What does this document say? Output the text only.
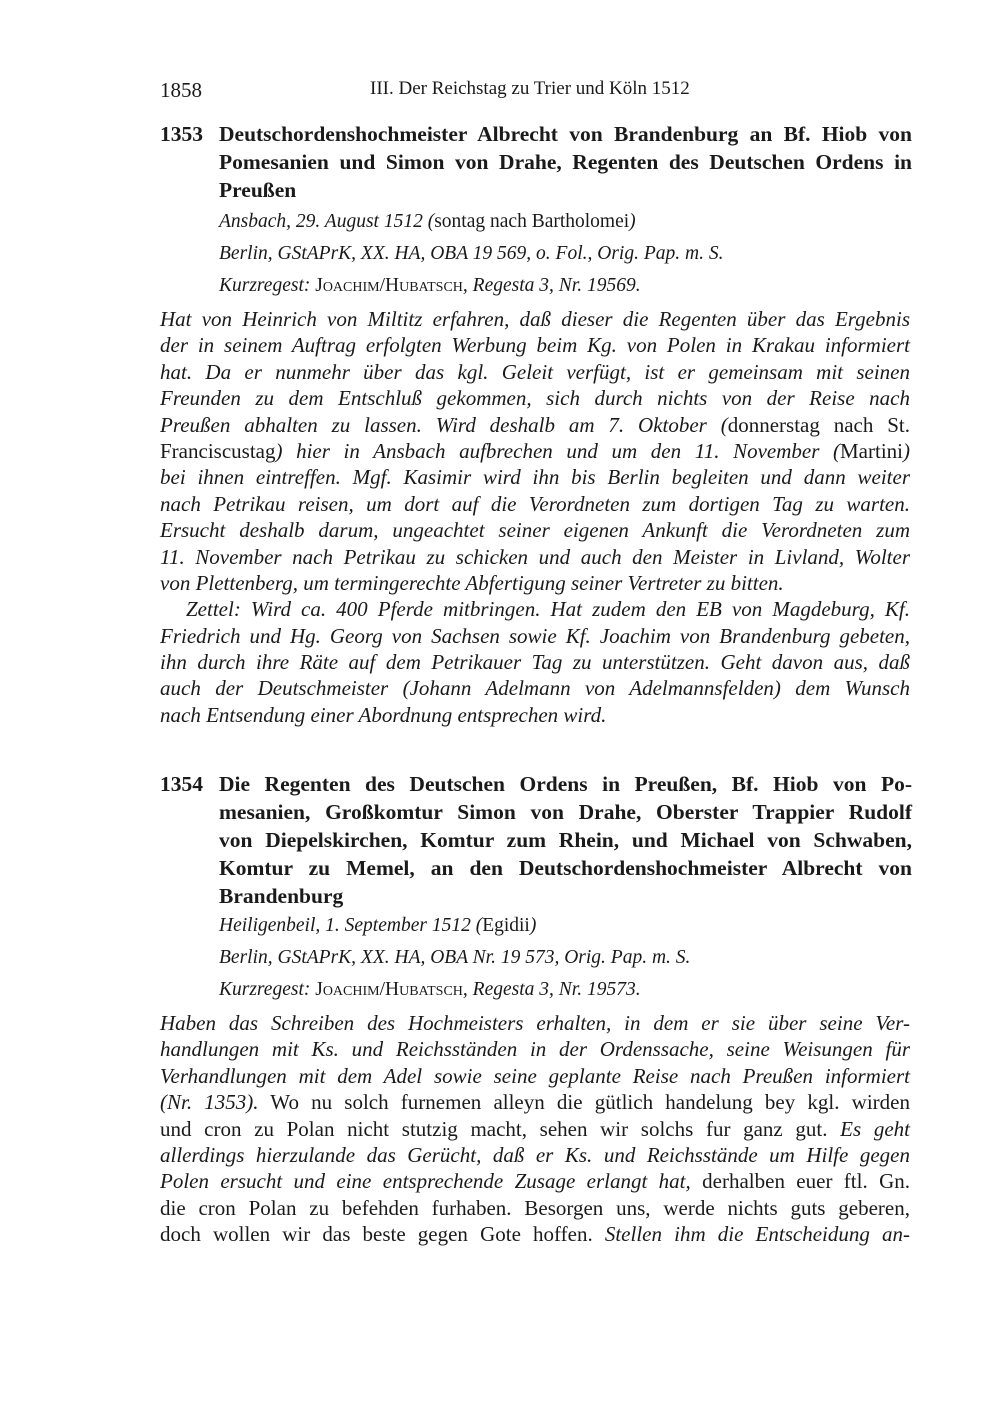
1858	III. Der Reichstag zu Trier und Köln 1512
1353 Deutschordenshochmeister Albrecht von Brandenburg an Bf. Hiob von
Pomesanien und Simon von Drahe, Regenten des Deutschen Ordens in
Preußen
Ansbach, 29. August 1512 (sontag nach Bartholomei)
Berlin, GStAPrK, XX. HA, OBA 19 569, o. Fol., Orig. Pap. m. S.
Kurzregest: Joachim/Hubatsch, Regesta 3, Nr. 19569.
Hat von Heinrich von Miltitz erfahren, daß dieser die Regenten über das Ergebnis
der in seinem Auftrag erfolgten Werbung beim Kg. von Polen in Krakau informiert
hat. Da er nunmehr über das kgl. Geleit verfügt, ist er gemeinsam mit seinen
Freunden zu dem Entschluß gekommen, sich durch nichts von der Reise nach
Preußen abhalten zu lassen. Wird deshalb am 7. Oktober (donnerstag nach St.
Franciscustag) hier in Ansbach aufbrechen und um den 11. November (Martini)
bei ihnen eintreffen. Mgf. Kasimir wird ihn bis Berlin begleiten und dann weiter
nach Petrikau reisen, um dort auf die Verordneten zum dortigen Tag zu warten.
Ersucht deshalb darum, ungeachtet seiner eigenen Ankunft die Verordneten zum
11. November nach Petrikau zu schicken und auch den Meister in Livland, Wolter
von Plettenberg, um termingerechte Abfertigung seiner Vertreter zu bitten.
Zettel: Wird ca. 400 Pferde mitbringen. Hat zudem den EB von Magdeburg, Kf.
Friedrich und Hg. Georg von Sachsen sowie Kf. Joachim von Brandenburg gebeten,
ihn durch ihre Räte auf dem Petrikauer Tag zu unterstützen. Geht davon aus, daß
auch der Deutschmeister (Johann Adelmann von Adelmannsfelden) dem Wunsch
nach Entsendung einer Abordnung entsprechen wird.
1354 Die Regenten des Deutschen Ordens in Preußen, Bf. Hiob von Po-
mesanien, Großkomtur Simon von Drahe, Oberster Trappier Rudolf
von Diepelskirchen, Komtur zum Rhein, und Michael von Schwaben,
Komtur zu Memel, an den Deutschordenshochmeister Albrecht von
Brandenburg
Heiligenbeil, 1. September 1512 (Egidii)
Berlin, GStAPrK, XX. HA, OBA Nr. 19 573, Orig. Pap. m. S.
Kurzregest: Joachim/Hubatsch, Regesta 3, Nr. 19573.
Haben das Schreiben des Hochmeisters erhalten, in dem er sie über seine Ver-
handlungen mit Ks. und Reichsständen in der Ordenssache, seine Weisungen für
Verhandlungen mit dem Adel sowie seine geplante Reise nach Preußen informiert
(Nr. 1353). Wo nu solch furnemen alleyn die gütlich handelung bey kgl. wirden
und cron zu Polan nicht stutzig macht, sehen wir solchs fur ganz gut. Es geht
allerdings hierzulande das Gerücht, daß er Ks. und Reichsstände um Hilfe gegen
Polen ersucht und eine entsprechende Zusage erlangt hat, derhalben euer ftl. Gn.
die cron Polan zu befehden furhaben. Besorgen uns, werde nichts guts geberen,
doch wollen wir das beste gegen Gote hoffen. Stellen ihm die Entscheidung an-
